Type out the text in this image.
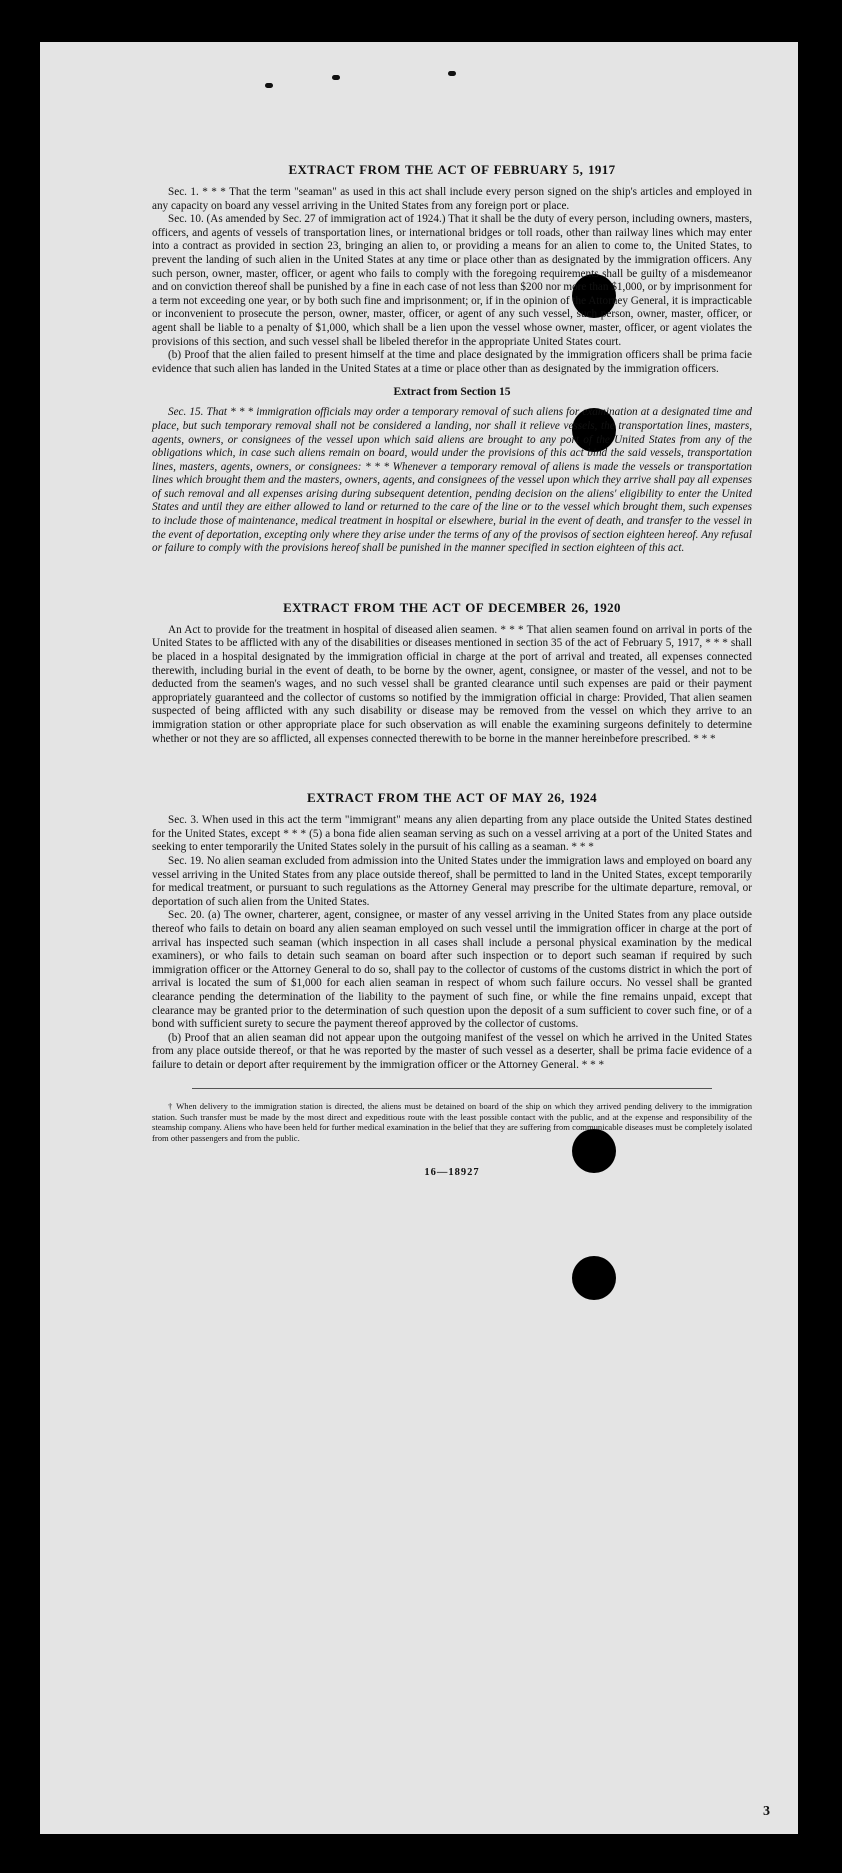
EXTRACT FROM THE ACT OF FEBRUARY 5, 1917

Sec. 1. * * * That the term "seaman" as used in this act shall include every person signed on the ship's articles and employed in any capacity on board any vessel arriving in the United States from any foreign port or place.

Sec. 10. (As amended by Sec. 27 of immigration act of 1924.) That it shall be the duty of every person, including owners, masters, officers, and agents of vessels of transportation lines, or international bridges or toll roads, other than railway lines which may enter into a contract as provided in section 23, bringing an alien to, or providing a means for an alien to come to, the United States, to prevent the landing of such alien in the United States at any time or place other than as designated by the immigration officers. Any such person, owner, master, officer, or agent who fails to comply with the foregoing requirements shall be guilty of a misdemeanor and on conviction thereof shall be punished by a fine in each case of not less than $200 nor more than $1,000, or by imprisonment for a term not exceeding one year, or by both such fine and imprisonment; or, if in the opinion of the Attorney General, it is impracticable or inconvenient to prosecute the person, owner, master, officer, or agent of any such vessel, such person, owner, master, officer, or agent shall be liable to a penalty of $1,000, which shall be a lien upon the vessel whose owner, master, officer, or agent violates the provisions of this section, and such vessel shall be libeled therefor in the appropriate United States court.

(b) Proof that the alien failed to present himself at the time and place designated by the immigration officers shall be prima facie evidence that such alien has landed in the United States at a time or place other than as designated by the immigration officers.

Extract from Section 15

Sec. 15. That * * * immigration officials may order a temporary removal of such aliens for examination at a designated time and place, but such temporary removal shall not be considered a landing, nor shall it relieve vessels, the transportation lines, masters, agents, owners, or consignees of the vessel upon which said aliens are brought to any port of the United States from any of the obligations which, in case such aliens remain on board, would under the provisions of this act bind the said vessels, transportation lines, masters, agents, owners, or consignees: * * * Whenever a temporary removal of aliens is made the vessels or transportation lines which brought them and the masters, owners, agents, and consignees of the vessel upon which they arrive shall pay all expenses of such removal and all expenses arising during subsequent detention, pending decision on the aliens' eligibility to enter the United States and until they are either allowed to land or returned to the care of the line or to the vessel which brought them, such expenses to include those of maintenance, medical treatment in hospital or elsewhere, burial in the event of death, and transfer to the vessel in the event of deportation, excepting only where they arise under the terms of any of the provisos of section eighteen hereof. Any refusal or failure to comply with the provisions hereof shall be punished in the manner specified in section eighteen of this act.

EXTRACT FROM THE ACT OF DECEMBER 26, 1920

An Act to provide for the treatment in hospital of diseased alien seamen. * * * That alien seamen found on arrival in ports of the United States to be afflicted with any of the disabilities or diseases mentioned in section 35 of the act of February 5, 1917, * * * shall be placed in a hospital designated by the immigration official in charge at the port of arrival and treated, all expenses connected therewith, including burial in the event of death, to be borne by the owner, agent, consignee, or master of the vessel, and not to be deducted from the seamen's wages, and no such vessel shall be granted clearance until such expenses are paid or their payment appropriately guaranteed and the collector of customs so notified by the immigration official in charge: Provided, That alien seamen suspected of being afflicted with any such disability or disease may be removed from the vessel on which they arrive to an immigration station or other appropriate place for such observation as will enable the examining surgeons definitely to determine whether or not they are so afflicted, all expenses connected therewith to be borne in the manner hereinbefore prescribed. * * *

EXTRACT FROM THE ACT OF MAY 26, 1924

Sec. 3. When used in this act the term "immigrant" means any alien departing from any place outside the United States destined for the United States, except * * * (5) a bona fide alien seaman serving as such on a vessel arriving at a port of the United States and seeking to enter temporarily the United States solely in the pursuit of his calling as a seaman. * * *

Sec. 19. No alien seaman excluded from admission into the United States under the immigration laws and employed on board any vessel arriving in the United States from any place outside thereof, shall be permitted to land in the United States, except temporarily for medical treatment, or pursuant to such regulations as the Attorney General may prescribe for the ultimate departure, removal, or deportation of such alien from the United States.

Sec. 20. (a) The owner, charterer, agent, consignee, or master of any vessel arriving in the United States from any place outside thereof who fails to detain on board any alien seaman employed on such vessel until the immigration officer in charge at the port of arrival has inspected such seaman (which inspection in all cases shall include a personal physical examination by the medical examiners), or who fails to detain such seaman on board after such inspection or to deport such seaman if required by such immigration officer or the Attorney General to do so, shall pay to the collector of customs of the customs district in which the port of arrival is located the sum of $1,000 for each alien seaman in respect of whom such failure occurs. No vessel shall be granted clearance pending the determination of the liability to the payment of such fine, or while the fine remains unpaid, except that clearance may be granted prior to the determination of such question upon the deposit of a sum sufficient to cover such fine, or of a bond with sufficient surety to secure the payment thereof approved by the collector of customs.

(b) Proof that an alien seaman did not appear upon the outgoing manifest of the vessel on which he arrived in the United States from any place outside thereof, or that he was reported by the master of such vessel as a deserter, shall be prima facie evidence of a failure to detain or deport after requirement by the immigration officer or the Attorney General. * * *

† When delivery to the immigration station is directed, the aliens must be detained on board of the ship on which they arrived pending delivery to the immigration station. Such transfer must be made by the most direct and expeditious route with the least possible contact with the public, and at the expense and responsibility of the steamship company. Aliens who have been held for further medical examination in the belief that they are suffering from communicable diseases must be completely isolated from other passengers and from the public.

16—18927
3
